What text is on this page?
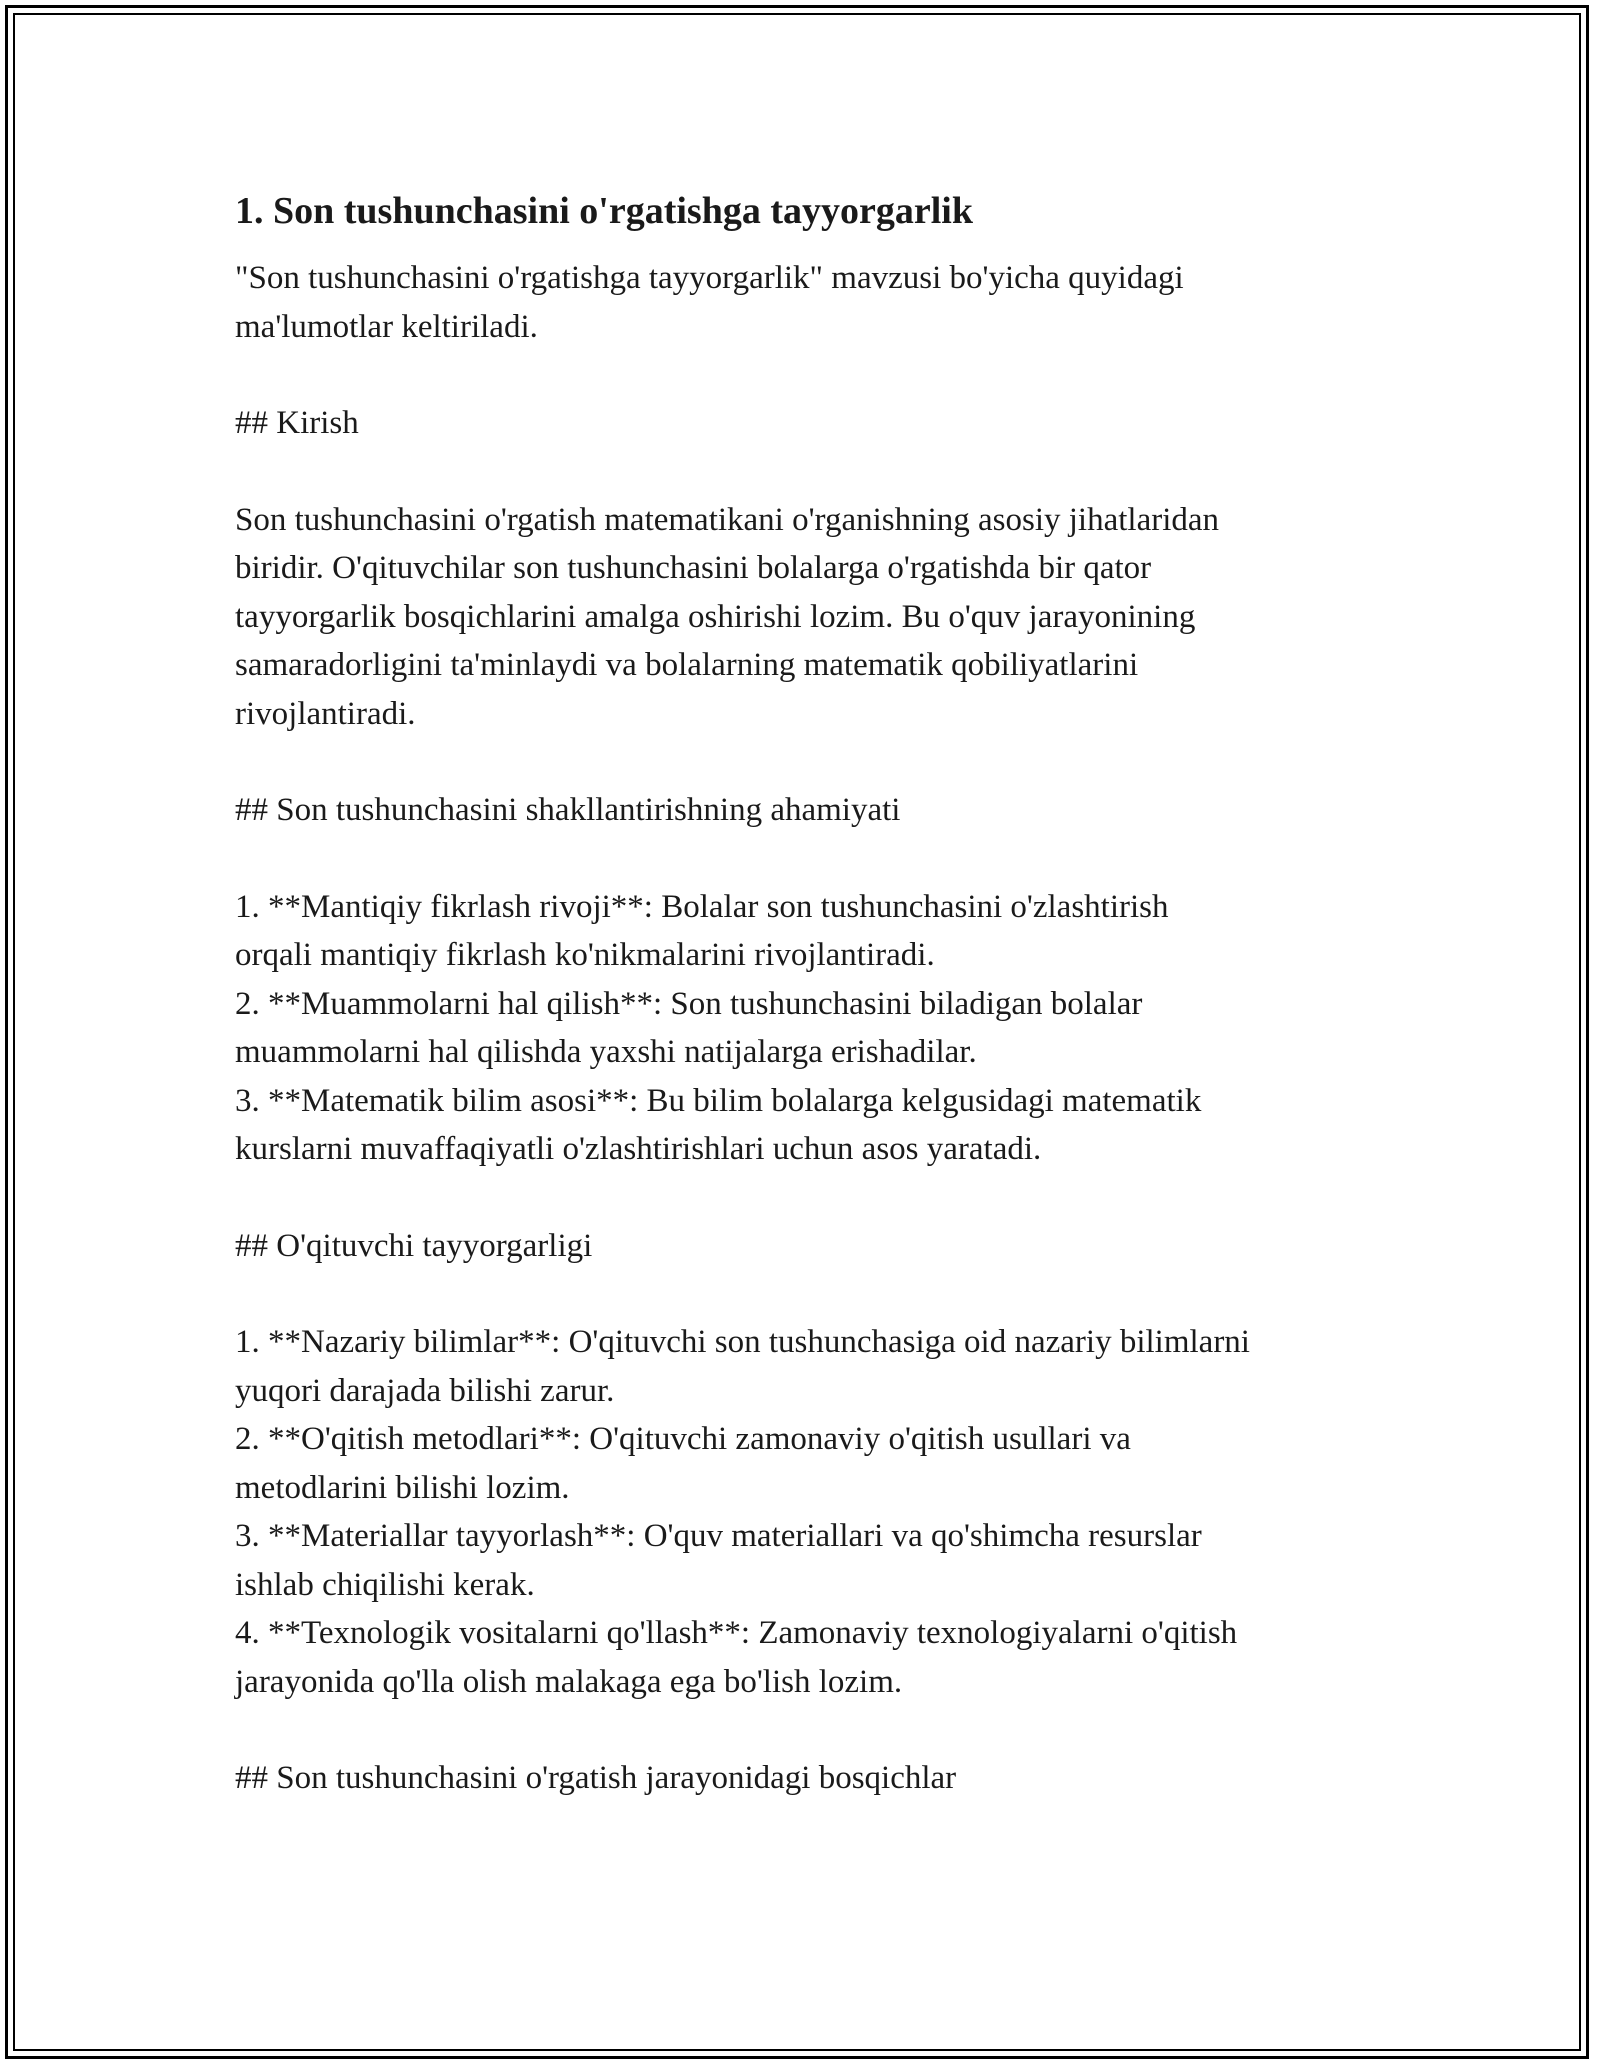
1. Son tushunchasini o'rgatishga tayyorgarlik

"Son tushunchasini o'rgatishga tayyorgarlik" mavzusi bo'yicha quyidagi
ma'lumotlar keltiriladi.

## Kirish

Son tushunchasini o'rgatish matematikani o'rganishning asosiy jihatlaridan
biridir. O'qituvchilar son tushunchasini bolalarga o'rgatishda bir qator
tayyorgarlik bosqichlarini amalga oshirishi lozim. Bu o'quv jarayonining
samaradorligini ta'minlaydi va bolalarning matematik qobiliyatlarini
rivojlantiradi.

## Son tushunchasini shakllantirishning ahamiyati

1. **Mantiqiy fikrlash rivoji**: Bolalar son tushunchasini o'zlashtirish
orqali mantiqiy fikrlash ko'nikmalarini rivojlantiradi.
2. **Muammolarni hal qilish**: Son tushunchasini biladigan bolalar
muammolarni hal qilishda yaxshi natijalarga erishadilar.
3. **Matematik bilim asosi**: Bu bilim bolalarga kelgusidagi matematik
kurslarni muvaffaqiyatli o'zlashtirishlari uchun asos yaratadi.

## O'qituvchi tayyorgarligi

1. **Nazariy bilimlar**: O'qituvchi son tushunchasiga oid nazariy bilimlarni
yuqori darajada bilishi zarur.
2. **O'qitish metodlari**: O'qituvchi zamonaviy o'qitish usullari va
metodlarini bilishi lozim.
3. **Materiallar tayyorlash**: O'quv materiallari va qo'shimcha resurslar
ishlab chiqilishi kerak.
4. **Texnologik vositalarni qo'llash**: Zamonaviy texnologiyalarni o'qitish
jarayonida qo'lla olish malakaga ega bo'lish lozim.

## Son tushunchasini o'rgatish jarayonidagi bosqichlar
